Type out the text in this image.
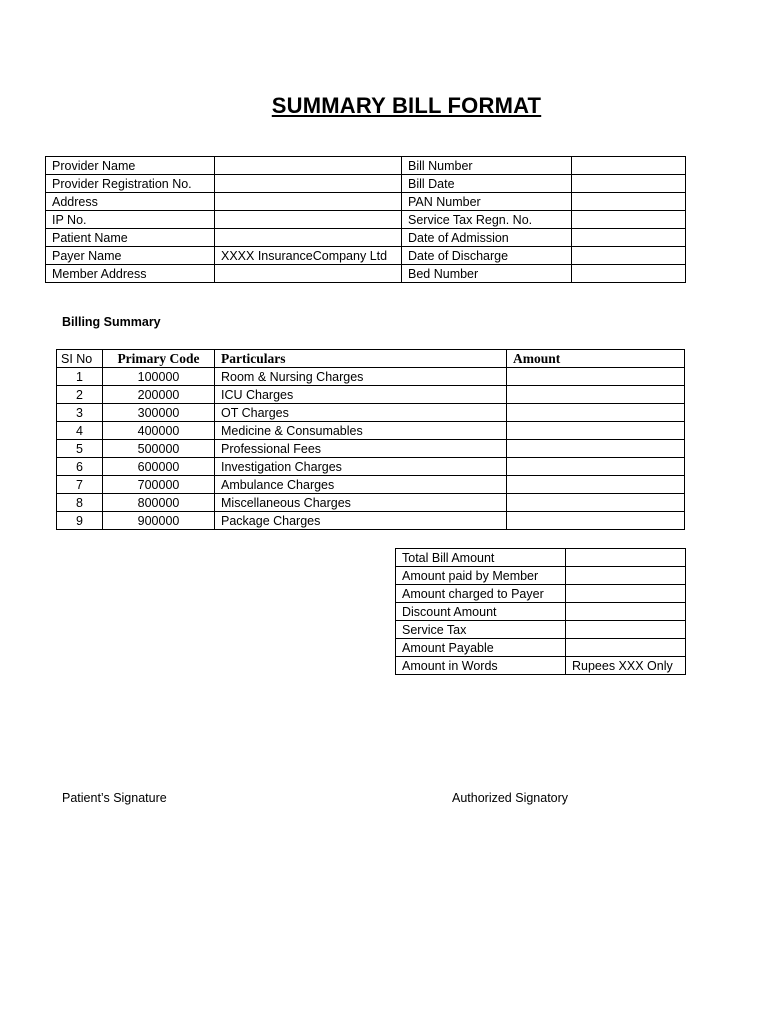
SUMMARY BILL FORMAT
Provider Name		Bill Number	
Provider Registration No.		Bill Date	
Address		PAN Number	
IP No.		Service Tax Regn. No.	
Patient Name		Date of Admission	
Payer Name	XXXX InsuranceCompany Ltd	Date of Discharge	
Member Address		Bed Number	
Billing Summary
SI No	Primary Code	Particulars	Amount
1	100000	Room & Nursing Charges	
2	200000	ICU Charges	
3	300000	OT Charges	
4	400000	Medicine & Consumables	
5	500000	Professional Fees	
6	600000	Investigation Charges	
7	700000	Ambulance Charges	
8	800000	Miscellaneous Charges	
9	900000	Package Charges	
Total Bill Amount	
Amount paid by Member	
Amount charged to Payer	
Discount Amount	
Service Tax	
Amount Payable	
Amount in Words	Rupees XXX Only
Patient’s Signature	Authorized Signatory
